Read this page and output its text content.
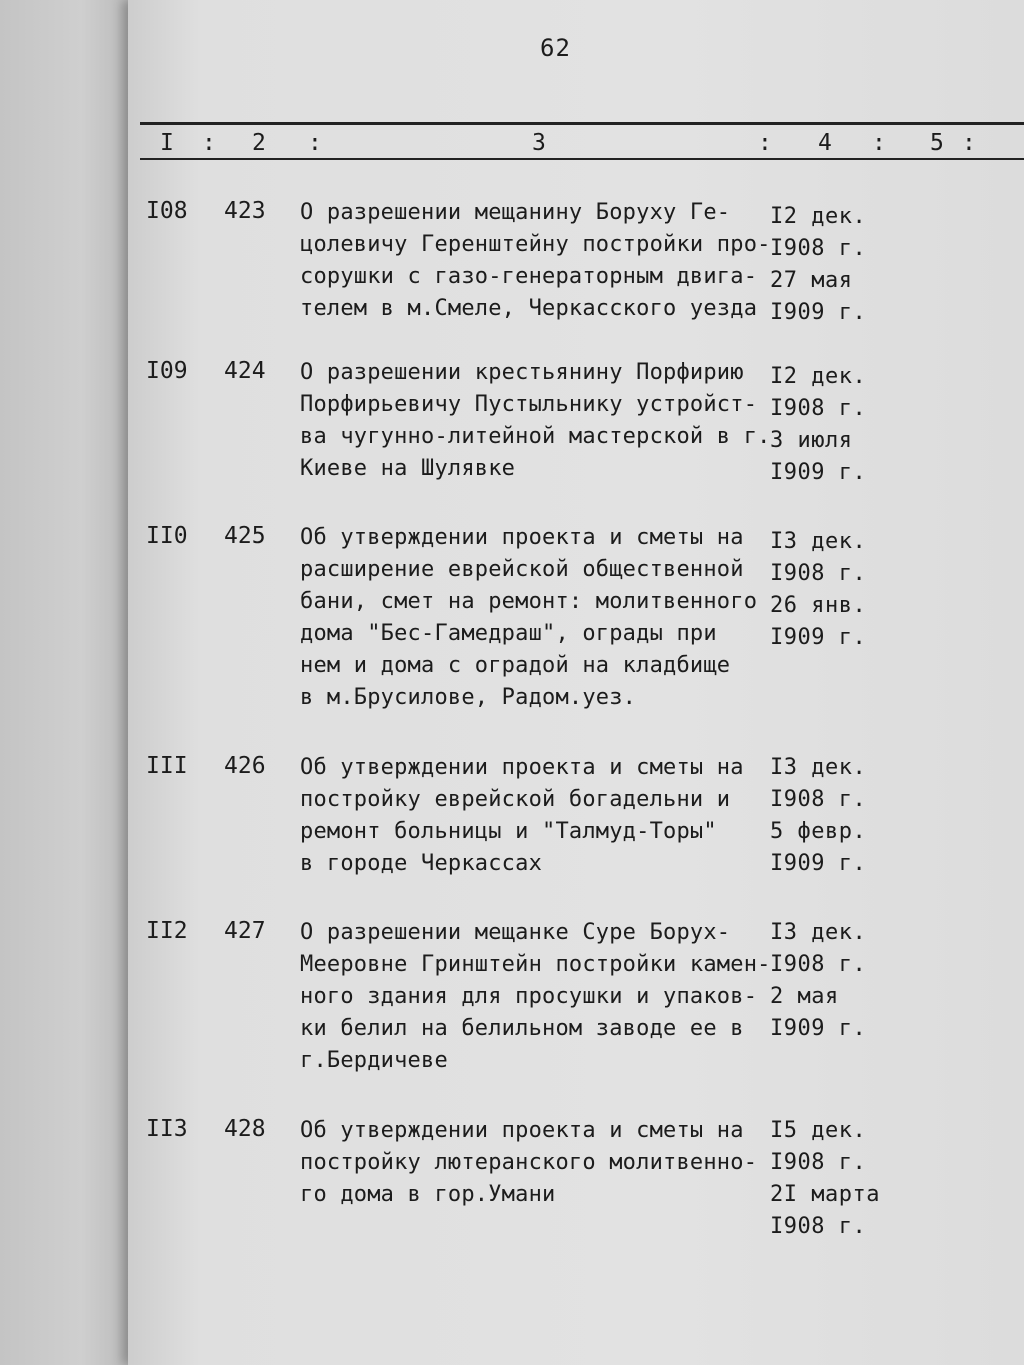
62
I : 2 :	3	: 4 : 5 :
I08 423 О разрешении мещанину Боруху Ге-
цолевичу Геренштейну постройки про-
сорушки с газо-генераторным двига-
телем в м.Смеле, Черкасского уезда
I2 дек.
I908 г.
27 мая
I909 г.
I09 424 О разрешении крестьянину Порфирию
Порфирьевичу Пустыльнику устройст-
ва чугунно-литейной мастерской в г.
Киеве на Шулявке
I2 дек.
I908 г.
3 июля
I909 г.
II0 425 Об утверждении проекта и сметы на
расширение еврейской общественной
бани, смет на ремонт: молитвенного
дома "Бес-Гамедраш", ограды при
нем и дома с оградой на кладбище
в м.Брусилове, Радом.уез.
I3 дек.
I908 г.
26 янв.
I909 г.
III 426 Об утверждении проекта и сметы на
постройку еврейской богадельни и
ремонт больницы и "Талмуд-Торы"
в городе Черкассах
I3 дек.
I908 г.
5 февр.
I909 г.
II2 427 О разрешении мещанке Суре Борух-
Мееровне Гринштейн постройки камен-
ного здания для просушки и упаков-
ки белил на белильном заводе ее в
г.Бердичеве
I3 дек.
I908 г.
2 мая
I909 г.
II3 428 Об утверждении проекта и сметы на
постройку лютеранского молитвенно-
го дома в гор.Умани
I5 дек.
I908 г.
2I марта
I908 г.
